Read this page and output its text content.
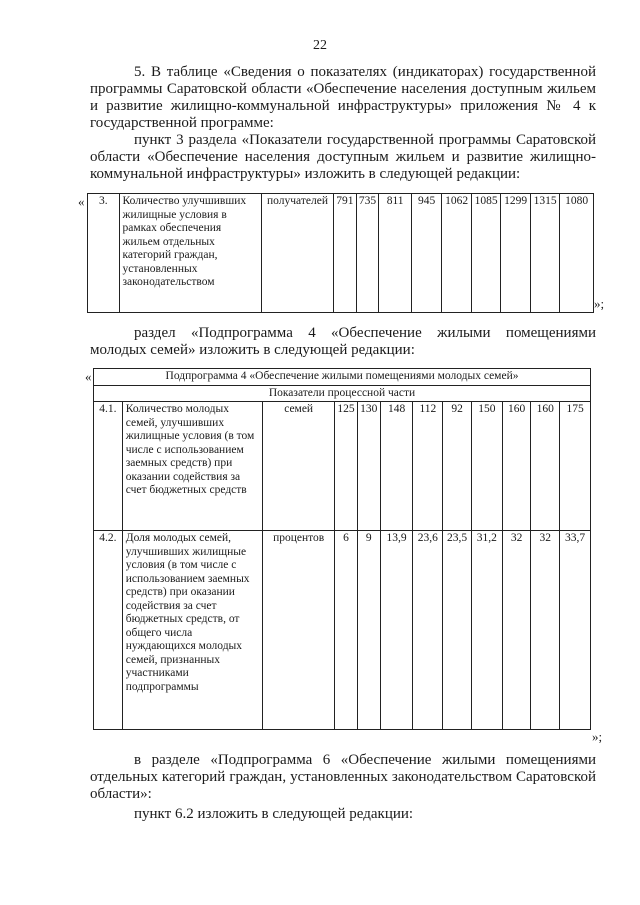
22
5. В таблице «Сведения о показателях (индикаторах) государственной программы Саратовской области «Обеспечение населения доступным жильем и развитие жилищно-коммунальной инфраструктуры» приложения № 4 к государственной программе:
пункт 3 раздела «Показатели государственной программы Саратовской области «Обеспечение населения доступным жильем и развитие жилищно-коммунальной инфраструктуры» изложить в следующей редакции:
« 3.	Количество улучшивших жилищные условия в рамках обеспечения жильем отдельных категорий граждан, установленных законодательством	получателей	791	735	811	945	1062	1085	1299	1315	1080
»;
раздел «Подпрограмма 4 «Обеспечение жилыми помещениями молодых семей» изложить в следующей редакции:
«	Подпрограмма 4 «Обеспечение жилыми помещениями молодых семей»											
Показатели процессной части											
4.1.	Количество молодых семей, улучшивших жилищные условия (в том числе с использованием заемных средств) при оказании содействия за счет бюджетных средств	семей	125	130	148	112	92	150	160	160	175
4.2.	Доля молодых семей, улучшивших жилищные условия (в том числе с использованием заемных средств) при оказании содействия за счет бюджетных средств, от общего числа нуждающихся молодых семей, признанных участниками подпрограммы	процентов	6	9	13,9	23,6	23,5	31,2	32	32	33,7
»;
в разделе «Подпрограмма 6 «Обеспечение жилыми помещениями отдельных категорий граждан, установленных законодательством Саратовской области»:
пункт 6.2 изложить в следующей редакции:
